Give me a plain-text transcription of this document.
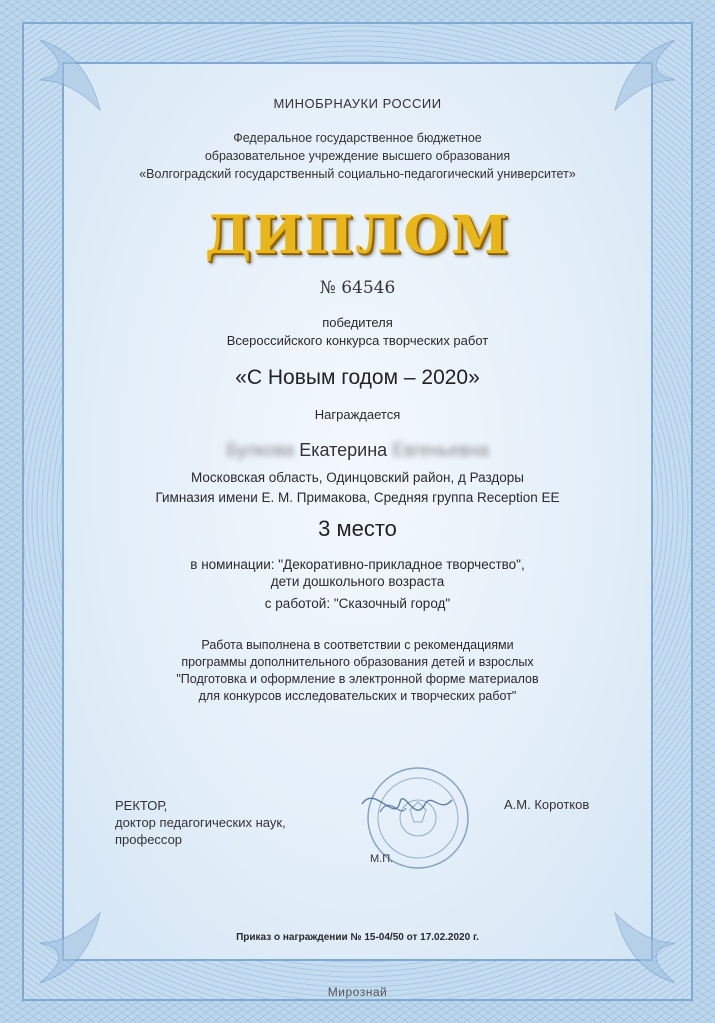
МИНОБРНАУКИ РОССИИ
Федеральное государственное бюджетное
образовательное учреждение высшего образования
«Волгоградский государственный социально-педагогический университет»
ДИПЛОМ
№ 64546
победителя
Всероссийского конкурса творческих работ
«С Новым годом – 2020»
Награждается
Булкова Екатерина Евгеньевна
Московская область, Одинцовский район, д Раздоры
Гимназия имени Е. М. Примакова, Средняя группа Reception EE
3 место
в номинации: "Декоративно-прикладное творчество",
дети дошкольного возраста
с работой: "Сказочный город"
Работа выполнена в соответствии с рекомендациями
программы дополнительного образования детей и взрослых
"Подготовка и оформление в электронной форме материалов
для конкурсов исследовательских и творческих работ"
РЕКТОР,
доктор педагогических наук,
профессор
М.П.
А.М. Коротков
Приказ о награждении № 15-04/50 от 17.02.2020 г.
Мирознай
